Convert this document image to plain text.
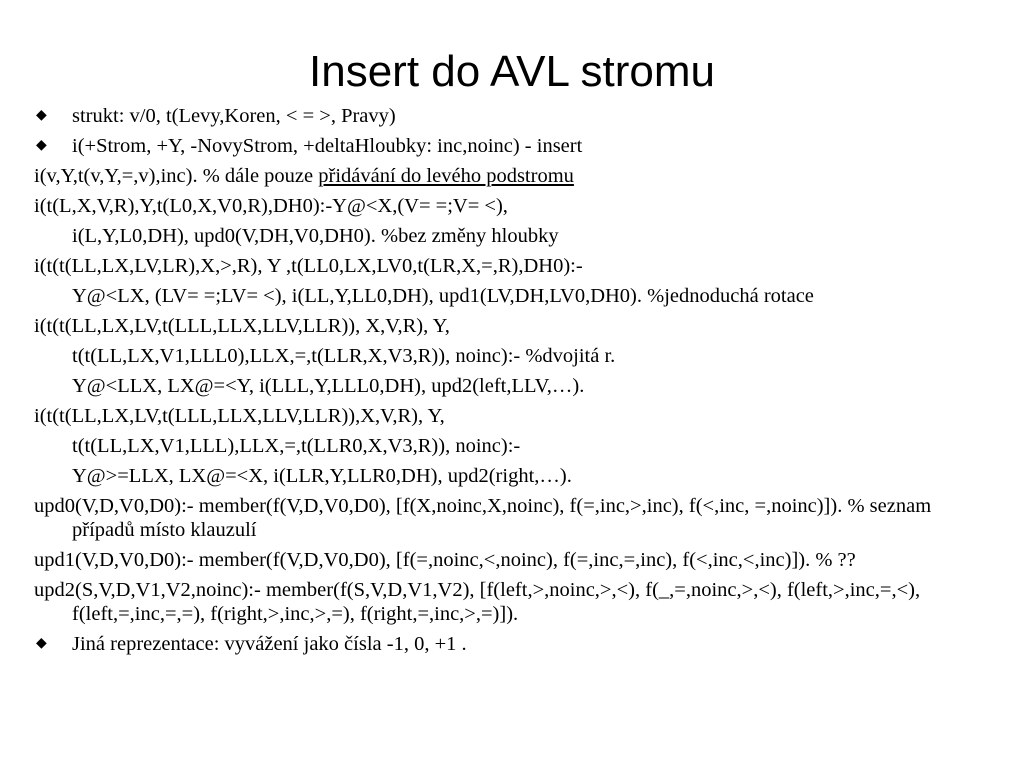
Insert do AVL stromu
◆ strukt: v/0, t(Levy,Koren, < = >, Pravy)
◆ i(+Strom, +Y, -NovyStrom, +deltaHloubky: inc,noinc) - insert
i(v,Y,t(v,Y,=,v),inc). % dále pouze přidávání do levého podstromu
i(t(L,X,V,R),Y,t(L0,X,V0,R),DH0):-Y@<X,(V= =;V= <),
i(L,Y,L0,DH), upd0(V,DH,V0,DH0). %bez změny hloubky
i(t(t(LL,LX,LV,LR),X,>,R), Y ,t(LL0,LX,LV0,t(LR,X,=,R),DH0):-
Y@<LX, (LV= =;LV= <), i(LL,Y,LL0,DH), upd1(LV,DH,LV0,DH0). %jednoduchá rotace
i(t(t(LL,LX,LV,t(LLL,LLX,LLV,LLR)), X,V,R), Y,
t(t(LL,LX,V1,LLL0),LLX,=,t(LLR,X,V3,R)), noinc):- %dvojitá r.
Y@<LLX, LX@=<Y, i(LLL,Y,LLL0,DH), upd2(left,LLV,…).
i(t(t(LL,LX,LV,t(LLL,LLX,LLV,LLR)),X,V,R), Y,
t(t(LL,LX,V1,LLL),LLX,=,t(LLR0,X,V3,R)), noinc):-
Y@>=LLX, LX@=<X, i(LLR,Y,LLR0,DH), upd2(right,…).
upd0(V,D,V0,D0):- member(f(V,D,V0,D0), [f(X,noinc,X,noinc), f(=,inc,>,inc), f(<,inc, =,noinc)]). % seznam případů místo klauzulí
upd1(V,D,V0,D0):- member(f(V,D,V0,D0), [f(=,noinc,<,noinc), f(=,inc,=,inc), f(<,inc,<,inc)]). % ??
upd2(S,V,D,V1,V2,noinc):- member(f(S,V,D,V1,V2), [f(left,>,noinc,>,<), f(_,=,noinc,>,<), f(left,>,inc,=,<), f(left,=,inc,=,=), f(right,>,inc,>,=), f(right,=,inc,>,=)]).
◆ Jiná reprezentace: vyvážení jako čísla -1, 0, +1 .
